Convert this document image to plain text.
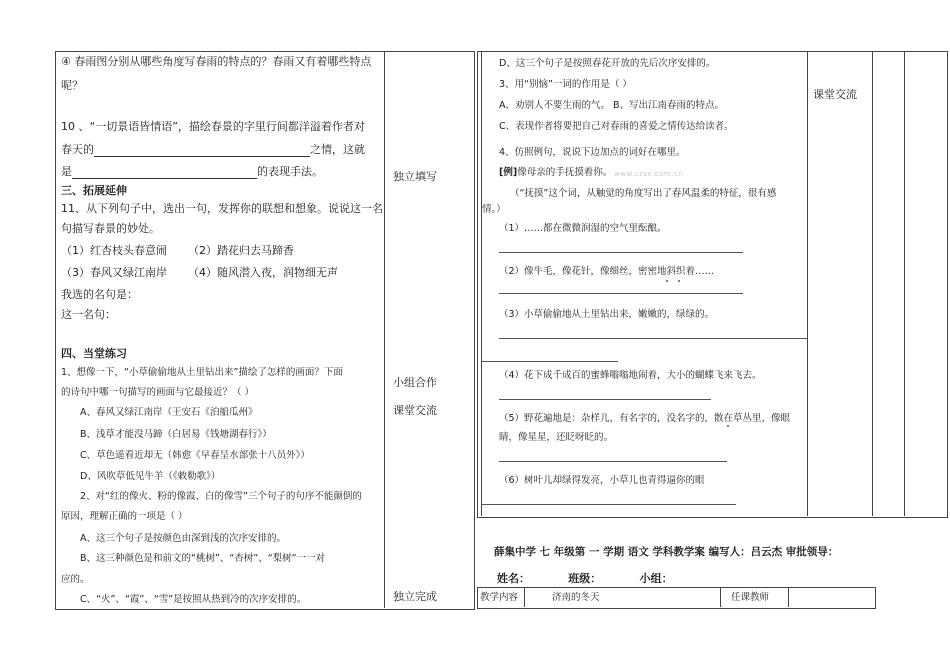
④ 春雨图分别从哪些角度写春雨的特点的？春雨又有着哪些特点
呢？
10 、“一切景语皆情语”，描绘春景的字里行间都洋溢着作者对
春天的	之情，这就
是	的表现手法。
三、拓展延伸
11、从下列句子中，选出一句，发挥你的联想和想象。说说这一名
句描写春景的妙处。
（1）红杏枝头春意闹 （2）踏花归去马蹄香
（3）春风又绿江南岸 （4）随风潜入夜，润物细无声
我选的名句是：
这一名句：
四、当堂练习
1、想像一下，“小草偷偷地从土里钻出来”描绘了怎样的画面？下面
的诗句中哪一句描写的画面与它最接近？（ ）
A、春风又绿江南岸（王安石《泊船瓜州》
B、浅草才能没马蹄（白居易《钱塘湖春行》）
C、草色遥看近却无（韩愈《早春呈水部张十八员外》）
D、风吹草低见牛羊（《敕勒歌》）
2、对“红的像火、粉的像霞、白的像雪”三个句子的句序不能颠倒的
原因，理解正确的一项是（ ）
A、这三个句子是按颜色由深到浅的次序安排的。
B、这三种颜色是和前文的“桃树”、“杏树”、“梨树”一一对
应的。
C、“火”、“霞”、“雪”是按照从热到冷的次序安排的。
独立填写
小组合作
课堂交流
独立完成
D、这三个句子是按照春花开放的先后次序安排的。
3、用“别恼”一词的作用是（ ）
A、劝别人不要生雨的气。 B、写出江南春雨的特点。
C、表现作者将要把自己对春雨的喜爱之情传达给读者。
4、仿照例句，说说下边加点的词好在哪里。
[例]像母亲的手抚摸着你。 www.czsx.com.cn
（“抚摸”这个词，从触觉的角度写出了春风温柔的特征，很有感
情。）
（1）……都在微微润湿的空气里酝酿。
（2）像牛毛，像花针，像细丝，密密地斜织着……
（3）小草偷偷地从土里钻出来，嫩嫩的，绿绿的。
（4）花下成千成百的蜜蜂嗡嗡地闹着，大小的蝴蝶飞来飞去。
（5）野花遍地是：杂样儿，有名字的，没名字的，散在草丛里，像眼
睛，像星星，还眨呀眨的。
（6）树叶儿却绿得发亮，小草儿也青得逼你的眼
课堂交流
薛集中学 七 年级第 一 学期 语文 学科教学案 编写人：吕云杰 审批领导：
姓名：          班级：          小组：
教学内容	济南的冬天	任课教师
